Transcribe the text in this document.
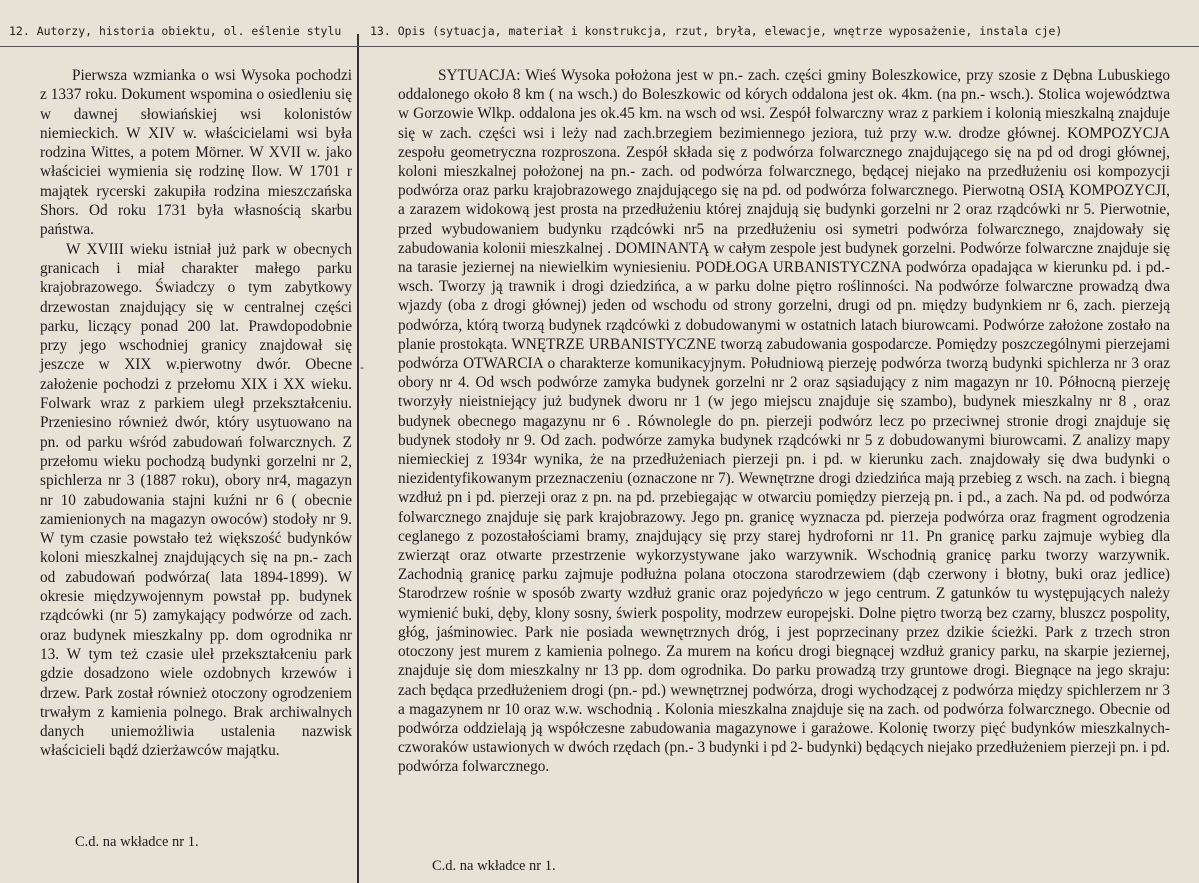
12. Autorzy, historia obiektu, ol. eślenie stylu 13. Opis (sytuacja, materiał i konstrukcja, rzut, bryła, elewacje, wnętrze wyposażenie, instala cje)

Pierwsza wzmianka o wsi Wysoka pochodzi z 1337 roku. Dokument wspomina o osiedleniu się w dawnej słowiańskiej wsi kolonistów niemieckich. W XIV w. właścicielami wsi była rodzina Wittes, a potem Mörner. W XVII w. jako właściciei wymienia się rodzinę Ilow. W 1701 r majątek rycerski zakupiła rodzina mieszczańska Shors. Od roku 1731 była własnością skarbu państwa.

W XVIII wieku istniał już park w obecnych granicach i miał charakter małego parku krajobrazowego. Świadczy o tym zabytkowy drzewostan znajdujący się w centralnej części parku, liczący ponad 200 lat. Prawdopodobnie przy jego wschodniej granicy znajdował się jeszcze w XIX w.pierwotny dwór. Obecne założenie pochodzi z przełomu XIX i XX wieku. Folwark wraz z parkiem uległ przekształceniu. Przeniesino również dwór, który usytuowano na pn. od parku wśród zabudowań folwarcznych. Z przełomu wieku pochodzą budynki gorzelni nr 2, spichlerza nr 3 (1887 roku), obory nr4, magazyn nr 10 zabudowania stajni kuźni nr 6 ( obecnie zamienionych na magazyn owoców) stodoły nr 9. W tym czasie powstało też większość budynków koloni mieszkalnej znajdujących się na pn.- zach od zabudowań podwórza( lata 1894-1899). W okresie międzywojennym powstał pp. budynek rządcówki (nr 5) zamykający podwórze od zach. oraz budynek mieszkalny pp. dom ogrodnika nr 13. W tym też czasie uleł przekształceniu park gdzie dosadzono wiele ozdobnych krzewów i drzew. Park został również otoczony ogrodzeniem trwałym z kamienia polnego. Brak archiwalnych danych uniemożliwia ustalenia nazwisk właścicieli bądź dzierżawców majątku.

C.d. na wkładce nr 1.
-

SYTUACJA: Wieś Wysoka położona jest w pn.- zach. części gminy Boleszkowice, przy szosie z Dębna Lubuskiego oddalonego około 8 km ( na wsch.) do Boleszkowic od kórych oddalona jest ok. 4km. (na pn.- wsch.). Stolica województwa w Gorzowie Wlkp. oddalona jes ok.45 km. na wsch od wsi. Zespół folwarczny wraz z parkiem i kolonią mieszkalną znajduje się w zach. części wsi i leży nad zach.brzegiem bezimiennego jeziora, tuż przy w.w. drodze głównej. KOMPOZYCJA zespołu geometryczna rozproszona. Zespół składa się z podwórza folwarcznego znajdującego się na pd od drogi głównej, koloni mieszkalnej położonej na pn.- zach. od podwórza folwarcznego, będącej niejako na przedłużeniu osi kompozycji podwórza oraz parku krajobrazowego znajdującego się na pd. od podwórza folwarcznego. Pierwotną OSIĄ KOMPOZYCJI, a zarazem widokową jest prosta na przedłużeniu której znajdują się budynki gorzelni nr 2 oraz rządcówki nr 5. Pierwotnie, przed wybudowaniem budynku rządcówki nr5 na przedłużeniu osi symetri podwórza folwarcznego, znajdowały się zabudowania kolonii mieszkalnej . DOMINANTĄ w całym zespole jest budynek gorzelni. Podwórze folwarczne znajduje się na tarasie jeziernej na niewielkim wyniesieniu. PODŁOGA URBANISTYCZNA podwórza opadająca w kierunku pd. i pd.- wsch. Tworzy ją trawnik i drogi dziedzińca, a w parku dolne piętro roślinności. Na podwórze folwarczne prowadzą dwa wjazdy (oba z drogi głównej) jeden od wschodu od strony gorzelni, drugi od pn. między budynkiem nr 6, zach. pierzeją podwórza, którą tworzą budynek rządcówki z dobudowanymi w ostatnich latach biurowcami. Podwórze założone zostało na planie prostokąta. WNĘTRZE URBANISTYCZNE tworzą zabudowania gospodarcze. Pomiędzy poszczególnymi pierzejami podwórza OTWARCIA o charakterze komunikacyjnym. Południową pierzeję podwórza tworzą budynki spichlerza nr 3 oraz obory nr 4. Od wsch podwórze zamyka budynek gorzelni nr 2 oraz sąsiadujący z nim magazyn nr 10. Północną pierzeję tworzyły nieistniejący już budynek dworu nr 1 (w jego miejscu znajduje się szambo), budynek mieszkalny nr 8 , oraz budynek obecnego magazynu nr 6 . Równolegle do pn. pierzeji podwórz lecz po przeciwnej stronie drogi znajduje się budynek stodoły nr 9. Od zach. podwórze zamyka budynek rządcówki nr 5 z dobudowanymi biurowcami. Z analizy mapy niemieckiej z 1934r wynika, że na przedłużeniach pierzeji pn. i pd. w kierunku zach. znajdowały się dwa budynki o niezidentyfikowanym przeznaczeniu (oznaczone nr 7). Wewnętrzne drogi dziedzińca mają przebieg z wsch. na zach. i biegną wzdłuż pn i pd. pierzeji oraz z pn. na pd. przebiegając w otwarciu pomiędzy pierzeją pn. i pd., a zach. Na pd. od podwórza folwarcznego znajduje się park krajobrazowy. Jego pn. granicę wyznacza pd. pierzeja podwórza oraz fragment ogrodzenia ceglanego z pozostałościami bramy, znajdujący się przy starej hydroforni nr 11. Pn granicę parku zajmuje wybieg dla zwierząt oraz otwarte przestrzenie wykorzystywane jako warzywnik. Wschodnią granicę parku tworzy warzywnik. Zachodnią granicę parku zajmuje podłużna polana otoczona starodrzewiem (dąb czerwony i błotny, buki oraz jedlice) Starodrzew rośnie w sposób zwarty wzdłuż granic oraz pojedyńczo w jego centrum. Z gatunków tu występujących należy wymienić buki, dęby, klony sosny, świerk pospolity, modrzew europejski. Dolne piętro tworzą bez czarny, bluszcz pospolity, głóg, jaśminowiec. Park nie posiada wewnętrznych dróg, i jest poprzecinany przez dzikie ścieżki. Park z trzech stron otoczony jest murem z kamienia polnego. Za murem na końcu drogi biegnącej wzdłuż granicy parku, na skarpie jeziernej, znajduje się dom mieszkalny nr 13 pp. dom ogrodnika. Do parku prowadzą trzy gruntowe drogi. Biegnące na jego skraju: zach będąca przedłużeniem drogi (pn.- pd.) wewnętrznej podwórza, drogi wychodzącej z podwórza między spichlerzem nr 3 a magazynem nr 10 oraz w.w. wschodnią . Kolonia mieszkalna znajduje się na zach. od podwórza folwarcznego. Obecnie od podwórza oddzielają ją współczesne zabudowania magazynowe i garażowe. Kolonię tworzy pięć budynków mieszkalnych- czworaków ustawionych w dwóch rzędach (pn.- 3 budynki i pd 2- budynki) będących niejako przedłużeniem pierzeji pn. i pd. podwórza folwarcznego.

C.d. na wkładce nr 1.
